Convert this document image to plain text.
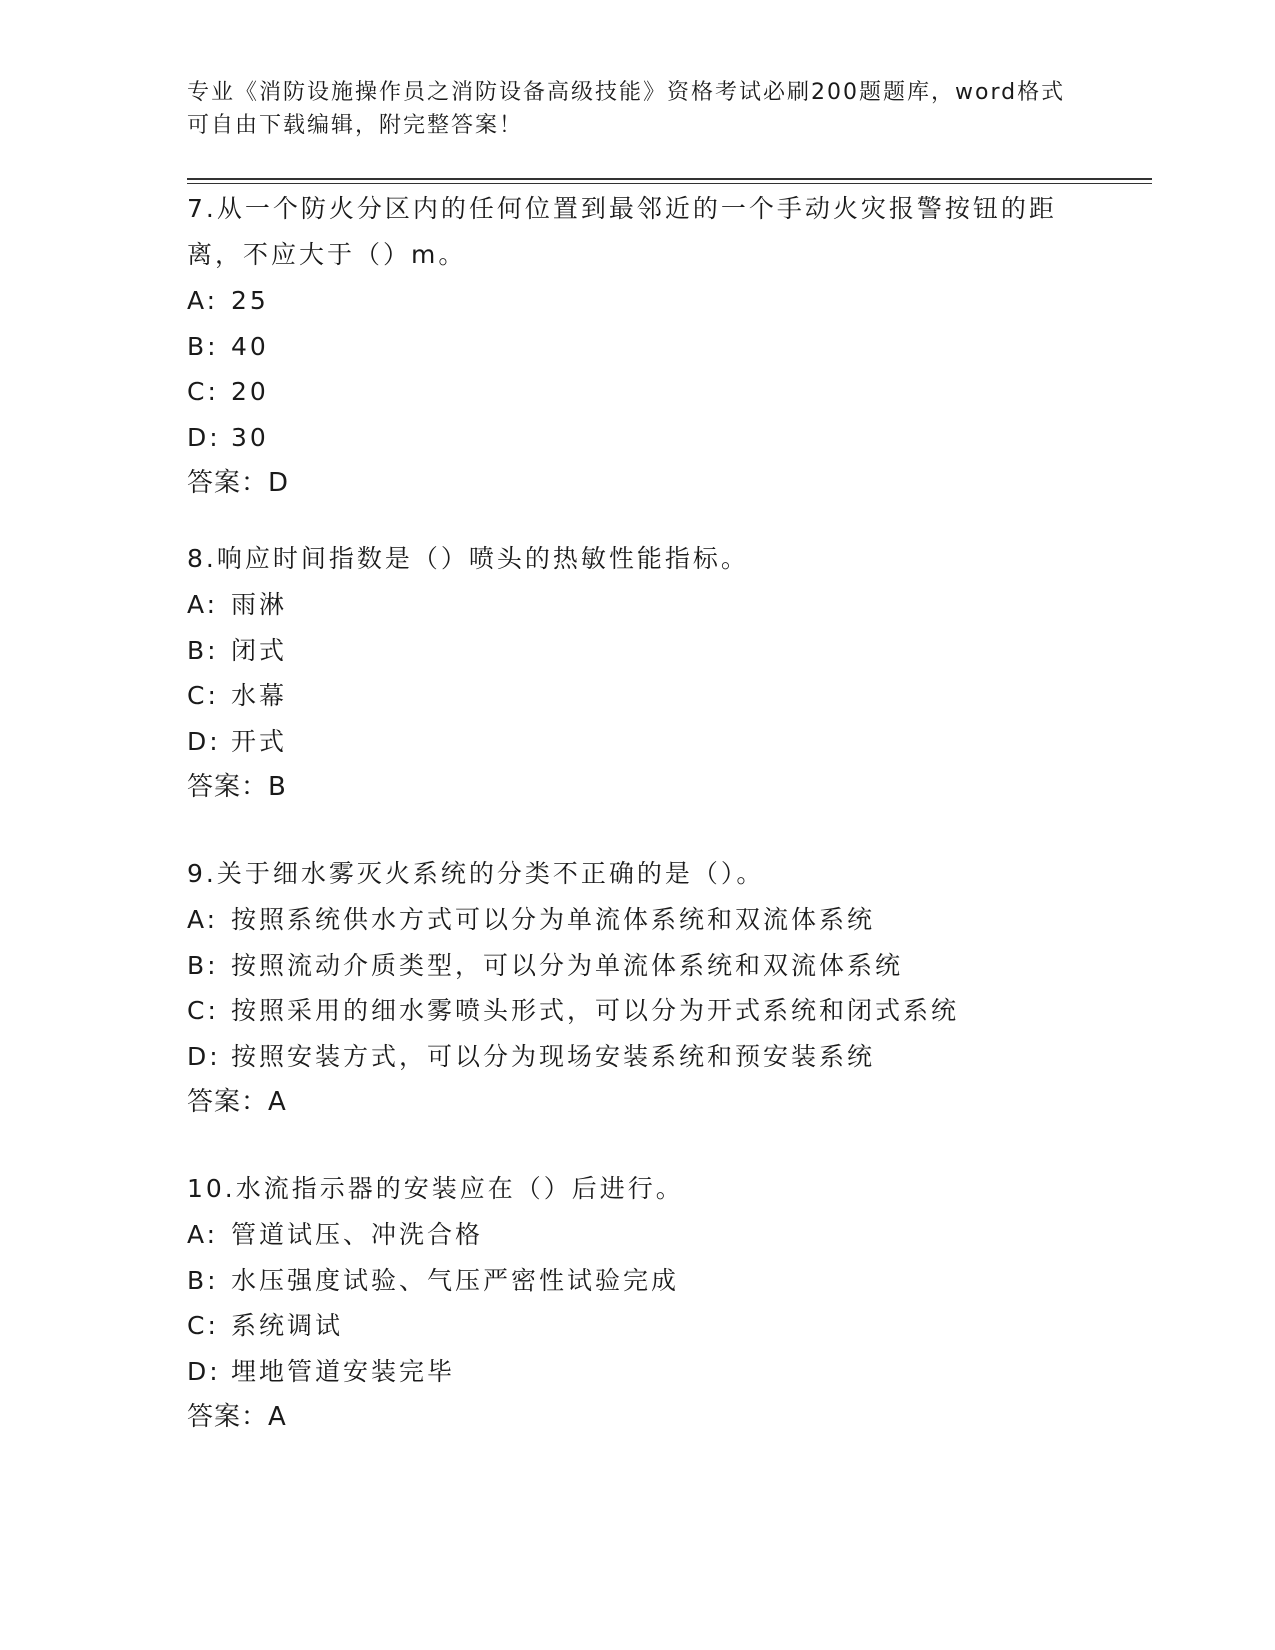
专业《消防设施操作员之消防设备高级技能》资格考试必刷200题题库，word格式可自由下载编辑，附完整答案！

7.从一个防火分区内的任何位置到最邻近的一个手动火灾报警按钮的距离，不应大于（）m。

A: 25

B: 40

C: 20

D: 30

答案：D

8.响应时间指数是（）喷头的热敏性能指标。

A: 雨淋

B: 闭式

C: 水幕

D: 开式

答案：B

9.关于细水雾灭火系统的分类不正确的是（）。

A: 按照系统供水方式可以分为单流体系统和双流体系统

B: 按照流动介质类型，可以分为单流体系统和双流体系统

C: 按照采用的细水雾喷头形式，可以分为开式系统和闭式系统

D: 按照安装方式，可以分为现场安装系统和预安装系统

答案：A

10.水流指示器的安装应在（）后进行。

A: 管道试压、冲洗合格

B: 水压强度试验、气压严密性试验完成

C: 系统调试

D: 埋地管道安装完毕

答案：A
